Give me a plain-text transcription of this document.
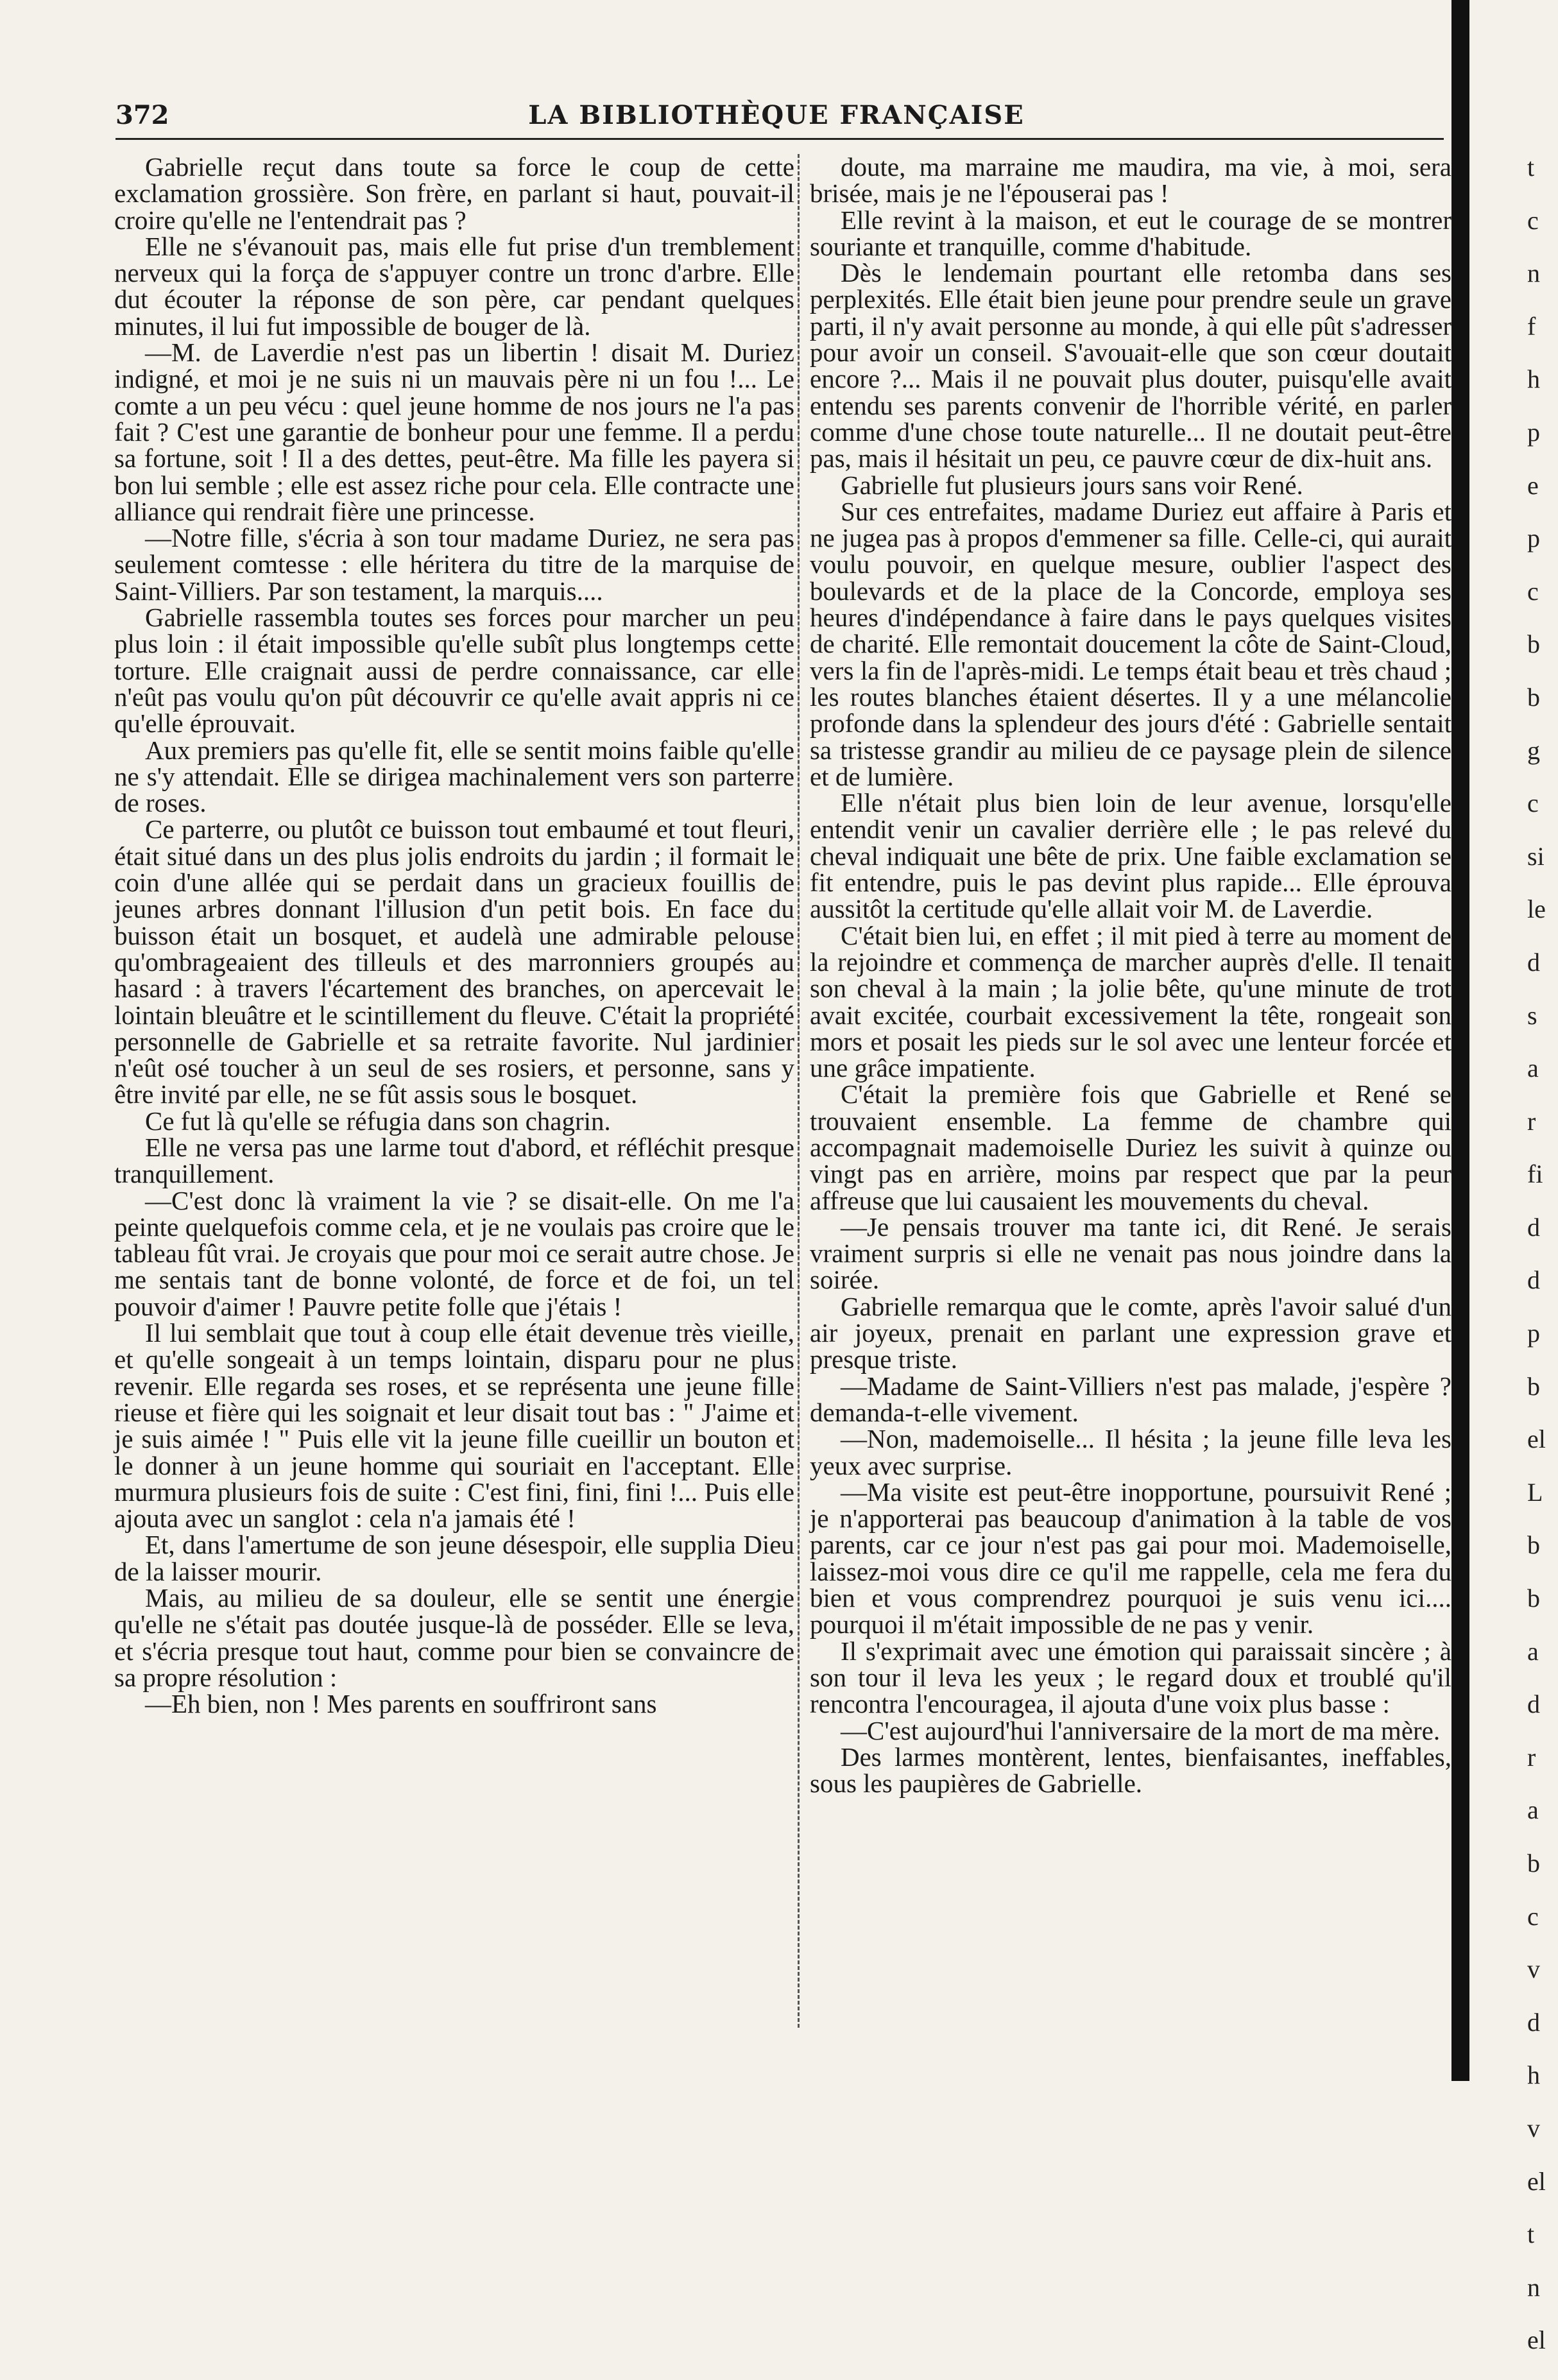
372	LA BIBLIOTHÈQUE FRANÇAISE

Gabrielle reçut dans toute sa force le coup de cette exclamation grossière. Son frère, en parlant si haut, pouvait-il croire qu'elle ne l'entendrait pas ?

Elle ne s'évanouit pas, mais elle fut prise d'un tremblement nerveux qui la força de s'appuyer contre un tronc d'arbre. Elle dut écouter la réponse de son père, car pendant quelques minutes, il lui fut impossible de bouger de là.

—M. de Laverdie n'est pas un libertin ! disait M. Duriez indigné, et moi je ne suis ni un mauvais père ni un fou !... Le comte a un peu vécu : quel jeune homme de nos jours ne l'a pas fait ? C'est une garantie de bonheur pour une femme. Il a perdu sa fortune, soit ! Il a des dettes, peut-être. Ma fille les payera si bon lui semble ; elle est assez riche pour cela. Elle contracte une alliance qui rendrait fière une princesse.

—Notre fille, s'écria à son tour madame Duriez, ne sera pas seulement comtesse : elle héritera du titre de la marquise de Saint-Villiers. Par son testament, la marquis....

Gabrielle rassembla toutes ses forces pour marcher un peu plus loin : il était impossible qu'elle subît plus longtemps cette torture. Elle craignait aussi de perdre connaissance, car elle n'eût pas voulu qu'on pût découvrir ce qu'elle avait appris ni ce qu'elle éprouvait.

Aux premiers pas qu'elle fit, elle se sentit moins faible qu'elle ne s'y attendait. Elle se dirigea machinalement vers son parterre de roses.

Ce parterre, ou plutôt ce buisson tout embaumé et tout fleuri, était situé dans un des plus jolis endroits du jardin ; il formait le coin d'une allée qui se perdait dans un gracieux fouillis de jeunes arbres donnant l'illusion d'un petit bois. En face du buisson était un bosquet, et audelà une admirable pelouse qu'ombrageaient des tilleuls et des marronniers groupés au hasard : à travers l'écartement des branches, on apercevait le lointain bleuâtre et le scintillement du fleuve. C'était la propriété personnelle de Gabrielle et sa retraite favorite. Nul jardinier n'eût osé toucher à un seul de ses rosiers, et personne, sans y être invité par elle, ne se fût assis sous le bosquet.

Ce fut là qu'elle se réfugia dans son chagrin.

Elle ne versa pas une larme tout d'abord, et réfléchit presque tranquillement.

—C'est donc là vraiment la vie ? se disait-elle. On me l'a peinte quelquefois comme cela, et je ne voulais pas croire que le tableau fût vrai. Je croyais que pour moi ce serait autre chose. Je me sentais tant de bonne volonté, de force et de foi, un tel pouvoir d'aimer ! Pauvre petite folle que j'étais !

Il lui semblait que tout à coup elle était devenue très vieille, et qu'elle songeait à un temps lointain, disparu pour ne plus revenir. Elle regarda ses roses, et se représenta une jeune fille rieuse et fière qui les soignait et leur disait tout bas : " J'aime et je suis aimée ! " Puis elle vit la jeune fille cueillir un bouton et le donner à un jeune homme qui souriait en l'acceptant. Elle murmura plusieurs fois de suite : C'est fini, fini, fini !... Puis elle ajouta avec un sanglot : cela n'a jamais été !

Et, dans l'amertume de son jeune désespoir, elle supplia Dieu de la laisser mourir.

Mais, au milieu de sa douleur, elle se sentit une énergie qu'elle ne s'était pas doutée jusque-là de posséder. Elle se leva, et s'écria presque tout haut, comme pour bien se convaincre de sa propre résolution :

—Eh bien, non ! Mes parents en souffriront sans

doute, ma marraine me maudira, ma vie, à moi, sera brisée, mais je ne l'épouserai pas !

Elle revint à la maison, et eut le courage de se montrer souriante et tranquille, comme d'habitude.

Dès le lendemain pourtant elle retomba dans ses perplexités. Elle était bien jeune pour prendre seule un grave parti, il n'y avait personne au monde, à qui elle pût s'adresser pour avoir un conseil. S'avouait-elle que son cœur doutait encore ?... Mais il ne pouvait plus douter, puisqu'elle avait entendu ses parents convenir de l'horrible vérité, en parler comme d'une chose toute naturelle... Il ne doutait peut-être pas, mais il hésitait un peu, ce pauvre cœur de dix-huit ans.

Gabrielle fut plusieurs jours sans voir René.

Sur ces entrefaites, madame Duriez eut affaire à Paris et ne jugea pas à propos d'emmener sa fille. Celle-ci, qui aurait voulu pouvoir, en quelque mesure, oublier l'aspect des boulevards et de la place de la Concorde, employa ses heures d'indépendance à faire dans le pays quelques visites de charité. Elle remontait doucement la côte de Saint-Cloud, vers la fin de l'après-midi. Le temps était beau et très chaud ; les routes blanches étaient désertes. Il y a une mélancolie profonde dans la splendeur des jours d'été : Gabrielle sentait sa tristesse grandir au milieu de ce paysage plein de silence et de lumière.

Elle n'était plus bien loin de leur avenue, lorsqu'elle entendit venir un cavalier derrière elle ; le pas relevé du cheval indiquait une bête de prix. Une faible exclamation se fit entendre, puis le pas devint plus rapide... Elle éprouva aussitôt la certitude qu'elle allait voir M. de Laverdie.

C'était bien lui, en effet ; il mit pied à terre au moment de la rejoindre et commença de marcher auprès d'elle. Il tenait son cheval à la main ; la jolie bête, qu'une minute de trot avait excitée, courbait excessivement la tête, rongeait son mors et posait les pieds sur le sol avec une lenteur forcée et une grâce impatiente.

C'était la première fois que Gabrielle et René se trouvaient ensemble. La femme de chambre qui accompagnait mademoiselle Duriez les suivit à quinze ou vingt pas en arrière, moins par respect que par la peur affreuse que lui causaient les mouvements du cheval.

—Je pensais trouver ma tante ici, dit René. Je serais vraiment surpris si elle ne venait pas nous joindre dans la soirée.

Gabrielle remarqua que le comte, après l'avoir salué d'un air joyeux, prenait en parlant une expression grave et presque triste.

—Madame de Saint-Villiers n'est pas malade, j'espère ? demanda-t-elle vivement.

—Non, mademoiselle... Il hésita ; la jeune fille leva les yeux avec surprise.

—Ma visite est peut-être inopportune, poursuivit René ; je n'apporterai pas beaucoup d'animation à la table de vos parents, car ce jour n'est pas gai pour moi. Mademoiselle, laissez-moi vous dire ce qu'il me rappelle, cela me fera du bien et vous comprendrez pourquoi je suis venu ici.... pourquoi il m'était impossible de ne pas y venir.

Il s'exprimait avec une émotion qui paraissait sincère ; à son tour il leva les yeux ; le regard doux et troublé qu'il rencontra l'encouragea, il ajouta d'une voix plus basse :

—C'est aujourd'hui l'anniversaire de la mort de ma mère.

Des larmes montèrent, lentes, bienfaisantes, ineffables, sous les paupières de Gabrielle.

t
c
n
f
h
p
e
p
c
b
b
g
c
si
le
d
s
a
r
fi
d
d
p
b
el
L
b
b
a
d
r
a
b
c
v
d
h
v
el
t
n
el
